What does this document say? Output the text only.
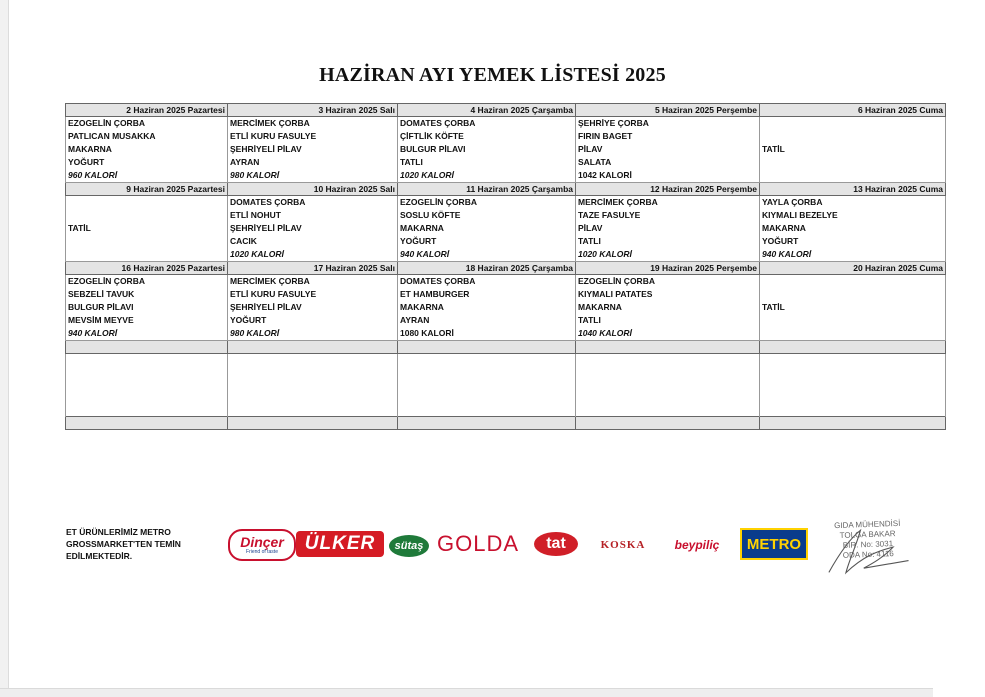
HAZİRAN AYI YEMEK LİSTESİ 2025
2 Haziran 2025 Pazartesi	3 Haziran 2025 Salı	4 Haziran 2025 Çarşamba	5 Haziran 2025 Perşembe	6 Haziran 2025 Cuma
EZOGELİN ÇORBA	MERCİMEK ÇORBA	DOMATES ÇORBA	ŞEHRİYE ÇORBA	
PATLICAN MUSAKKA	ETLİ KURU FASULYE	ÇİFTLİK KÖFTE	FIRIN BAGET	
MAKARNA	ŞEHRİYELİ PİLAV	BULGUR PİLAVI	PİLAV	TATİL
YOĞURT	AYRAN	TATLI	SALATA	
960 KALORİ	980 KALORİ	1020 KALORİ	1042 KALORİ	
9 Haziran 2025 Pazartesi	10 Haziran 2025 Salı	11 Haziran 2025 Çarşamba	12 Haziran 2025 Perşembe	13 Haziran 2025 Cuma
	DOMATES ÇORBA	EZOGELİN ÇORBA	MERCİMEK ÇORBA	YAYLA ÇORBA
	ETLİ NOHUT	SOSLU KÖFTE	TAZE FASULYE	KIYMALI BEZELYE
TATİL	ŞEHRİYELİ PİLAV	MAKARNA	PİLAV	MAKARNA
	CACIK	YOĞURT	TATLI	YOĞURT
	1020 KALORİ	940 KALORİ	1020 KALORİ	940 KALORİ
16 Haziran 2025 Pazartesi	17 Haziran 2025 Salı	18 Haziran 2025 Çarşamba	19 Haziran 2025 Perşembe	20 Haziran 2025 Cuma
EZOGELİN ÇORBA	MERCİMEK ÇORBA	DOMATES ÇORBA	EZOGELİN ÇORBA	
SEBZELİ TAVUK	ETLİ KURU FASULYE	ET HAMBURGER	KIYMALI PATATES	
BULGUR PİLAVI	ŞEHRİYELİ PİLAV	MAKARNA	MAKARNA	TATİL
MEVSİM MEYVE	YOĞURT	AYRAN	TATLI	
940 KALORİ	980 KALORİ	1080 KALORİ	1040 KALORİ	

ET ÜRÜNLERİMİZ METRO GROSSMARKET'TEN TEMİN EDİLMEKTEDİR.
Dinçer
Friend of taste	ÜLKER	sütaş GOLDA	tat	KOSKA	beypiliç	METRO
GIDA MÜHENDİSİ
TOLGA BAKAR
BİR. No: 3031
ODA No: 4116
